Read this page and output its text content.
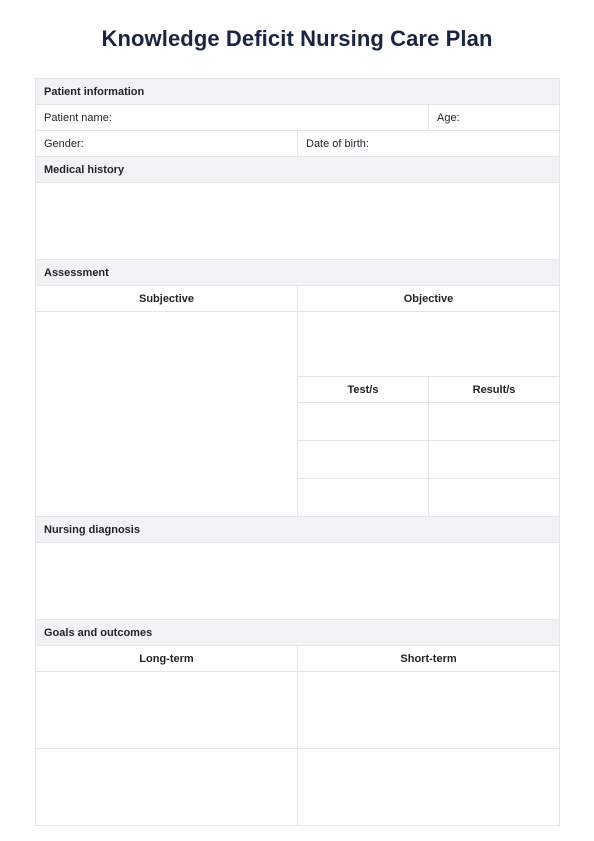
Knowledge Deficit Nursing Care Plan
Patient information		
Patient name:		Age:
Gender:	Date of birth:	
Medical history		

Assessment		
Subjective	Objective	

	Test/s	Result/s

Nursing diagnosis		

Goals and outcomes		
Long-term	Short-term	
